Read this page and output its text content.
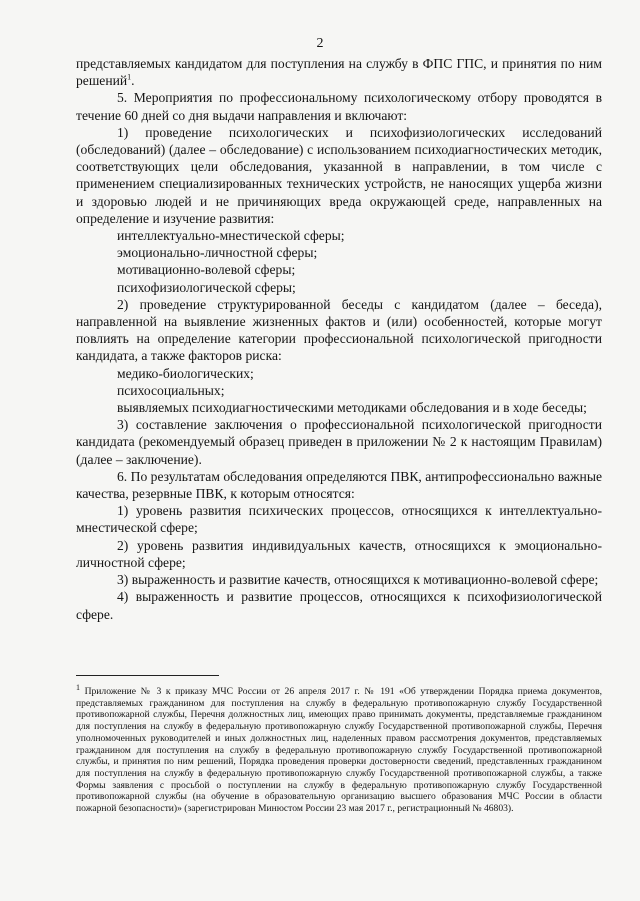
2

представляемых кандидатом для поступления на службу в ФПС ГПС, и принятия по ним решений$^1$.

5. Мероприятия по профессиональному психологическому отбору проводятся в течение 60 дней со дня выдачи направления и включают:

1) проведение психологических и психофизиологических исследований (обследований) (далее – обследование) с использованием психодиагностических методик, соответствующих цели обследования, указанной в направлении, в том числе с применением специализированных технических устройств, не наносящих ущерба жизни и здоровью людей и не причиняющих вреда окружающей среде, направленных на определение и изучение развития:

интеллектуально-мнестической сферы;

эмоционально-личностной сферы;

мотивационно-волевой сферы;

психофизиологической сферы;

2) проведение структурированной беседы с кандидатом (далее – беседа), направленной на выявление жизненных фактов и (или) особенностей, которые могут повлиять на определение категории профессиональной психологической пригодности кандидата, а также факторов риска:

медико-биологических;

психосоциальных;

выявляемых психодиагностическими методиками обследования и в ходе беседы;

3) составление заключения о профессиональной психологической пригодности кандидата (рекомендуемый образец приведен в приложении № 2 к настоящим Правилам) (далее – заключение).

6. По результатам обследования определяются ПВК, антипрофессионально важные качества, резервные ПВК, к которым относятся:

1) уровень развития психических процессов, относящихся к интеллектуально-мнестической сфере;

2) уровень развития индивидуальных качеств, относящихся к эмоционально-личностной сфере;

3) выраженность и развитие качеств, относящихся к мотивационно-волевой сфере;

4) выраженность и развитие процессов, относящихся к психофизиологической сфере.

$^1$ Приложение № 3 к приказу МЧС России от 26 апреля 2017 г. № 191 «Об утверждении Порядка приема документов, представляемых гражданином для поступления на службу в федеральную противопожарную службу Государственной противопожарной службы, Перечня должностных лиц, имеющих право принимать документы, представляемые гражданином для поступления на службу в федеральную противопожарную службу Государственной противопожарной службы, Перечня уполномоченных руководителей и иных должностных лиц, наделенных правом рассмотрения документов, представляемых гражданином для поступления на службу в федеральную противопожарную службу Государственной противопожарной службы, и принятия по ним решений, Порядка проведения проверки достоверности сведений, представленных гражданином для поступления на службу в федеральную противопожарную службу Государственной противопожарной службы, а также Формы заявления с просьбой о поступлении на службу в федеральную противопожарную службу Государственной противопожарной службы (на обучение в образовательную организацию высшего образования МЧС России в области пожарной безопасности)» (зарегистрирован Минюстом России 23 мая 2017 г., регистрационный № 46803).
